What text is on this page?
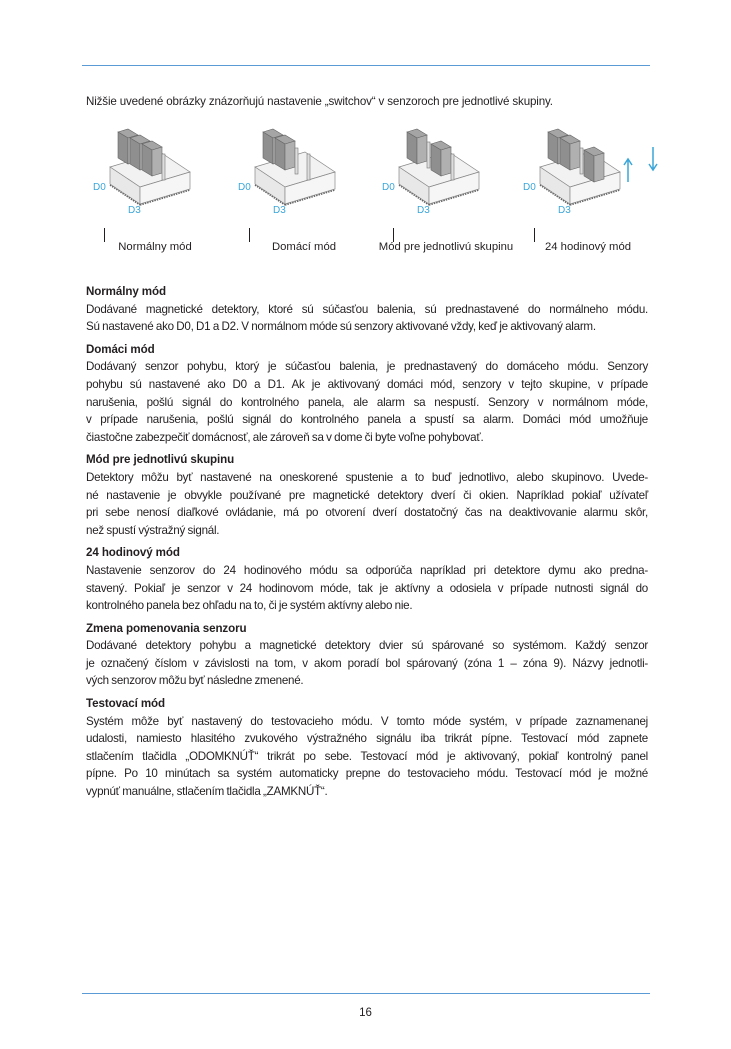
Nižšie uvedené obrázky znázorňujú nastavenie „switchov“ v senzoroch pre jednotlivé skupiny.
D0
D3
Normálny mód
D0
D3
Domácí mód
D0
D3
Mód pre jednotlivú skupinu
D0
D3
24 hodinový mód
Normálny mód
Dodávané magnetické detektory, ktoré sú súčasťou balenia, sú prednastavené do normálneho módu.
Sú nastavené ako D0, D1 a D2. V normálnom móde sú senzory aktivované vždy, keď je aktivovaný alarm.
Domáci mód
Dodávaný senzor pohybu, ktorý je súčasťou balenia, je prednastavený do domáceho módu. Senzory
pohybu sú nastavené ako D0 a D1. Ak je aktivovaný domáci mód, senzory v tejto skupine, v prípade
narušenia, pošlú signál do kontrolného panela, ale alarm sa nespustí. Senzory v normálnom móde,
v prípade narušenia, pošlú signál do kontrolného panela a spustí sa alarm. Domáci mód umožňuje
čiastočne zabezpečiť domácnosť, ale zároveň sa v dome či byte voľne pohybovať.
Mód pre jednotlivú skupinu
Detektory môžu byť nastavené na oneskorené spustenie a to buď jednotlivo, alebo skupinovo. Uvede-
né nastavenie je obvykle používané pre magnetické detektory dverí či okien. Napríklad pokiaľ užívateľ
pri sebe nenosí diaľkové ovládanie, má po otvorení dverí dostatočný čas na deaktivovanie alarmu skôr,
než spustí výstražný signál.
24 hodinový mód
Nastavenie senzorov do 24 hodinového módu sa odporúča napríklad pri detektore dymu ako predna-
stavený. Pokiaľ je senzor v 24 hodinovom móde, tak je aktívny a odosiela v prípade nutnosti signál do
kontrolného panela bez ohľadu na to, či je systém aktívny alebo nie.
Zmena pomenovania senzoru
Dodávané detektory pohybu a magnetické detektory dvier sú spárované so systémom. Každý senzor
je označený číslom v závislosti na tom, v akom poradí bol spárovaný (zóna 1 – zóna 9). Názvy jednotli-
vých senzorov môžu byť následne zmenené.
Testovací mód
Systém môže byť nastavený do testovacieho módu. V tomto móde systém, v prípade zaznamenanej
udalosti, namiesto hlasitého zvukového výstražného signálu iba trikrát pípne. Testovací mód zapnete
stlačením tlačidla „ODOMKNÚŤ“ trikrát po sebe. Testovací mód je aktivovaný, pokiaľ kontrolný panel
pípne. Po 10 minútach sa systém automaticky prepne do testovacieho módu. Testovací mód je možné
vypnúť manuálne, stlačením tlačidla „ZAMKNÚŤ“.
16
